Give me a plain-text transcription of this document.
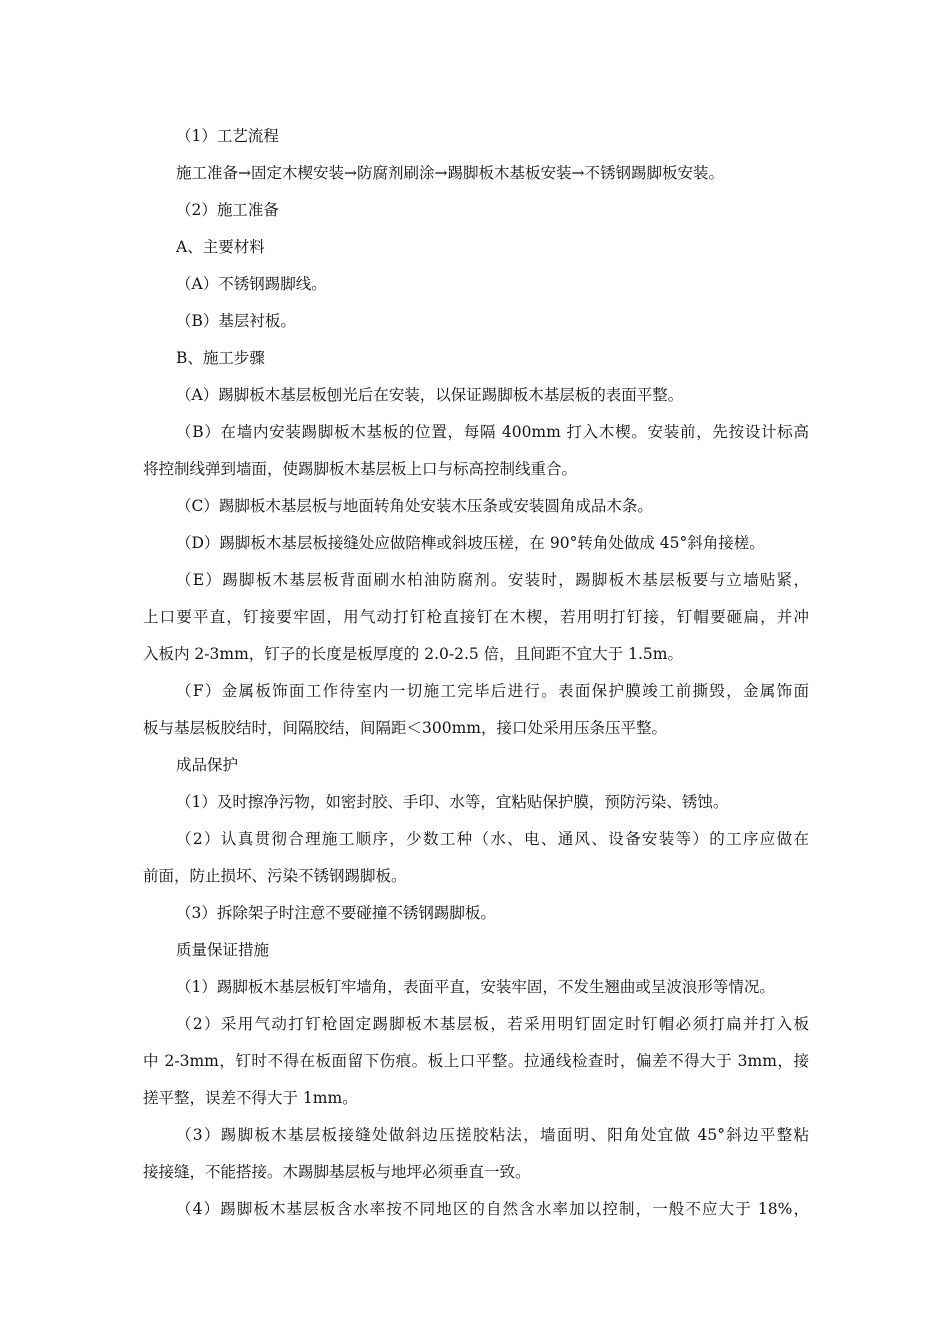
（1）工艺流程
施工准备→固定木楔安装→防腐剂刷涂→踢脚板木基板安装→不锈钢踢脚板安装。
（2）施工准备
A、主要材料
（A）不锈钢踢脚线。
（B）基层衬板。
B、施工步骤
（A）踢脚板木基层板刨光后在安装，以保证踢脚板木基层板的表面平整。
（B）在墙内安装踢脚板木基板的位置，每隔 400mm 打入木楔。安装前，先按设计标高
将控制线弹到墙面，使踢脚板木基层板上口与标高控制线重合。
（C）踢脚板木基层板与地面转角处安装木压条或安装圆角成品木条。
（D）踢脚板木基层板接缝处应做陪榫或斜坡压槎，在 90°转角处做成 45°斜角接槎。
（E）踢脚板木基层板背面刷水柏油防腐剂。安装时，踢脚板木基层板要与立墙贴紧，
上口要平直，钉接要牢固，用气动打钉枪直接钉在木楔，若用明打钉接，钉帽要砸扁，并冲
入板内 2-3mm，钉子的长度是板厚度的 2.0-2.5 倍，且间距不宜大于 1.5m。
（F）金属板饰面工作待室内一切施工完毕后进行。表面保护膜竣工前撕毁，金属饰面
板与基层板胶结时，间隔胶结，间隔距＜300mm，接口处采用压条压平整。
成品保护
（1）及时擦净污物，如密封胶、手印、水等，宜粘贴保护膜，预防污染、锈蚀。
（2）认真贯彻合理施工顺序，少数工种（水、电、通风、设备安装等）的工序应做在
前面，防止损坏、污染不锈钢踢脚板。
（3）拆除架子时注意不要碰撞不锈钢踢脚板。
质量保证措施
（1）踢脚板木基层板钉牢墙角，表面平直，安装牢固，不发生翘曲或呈波浪形等情况。
（2）采用气动打钉枪固定踢脚板木基层板，若采用明钉固定时钉帽必须打扁并打入板
中 2-3mm，钉时不得在板面留下伤痕。板上口平整。拉通线检查时，偏差不得大于 3mm，接
搓平整，误差不得大于 1mm。
（3）踢脚板木基层板接缝处做斜边压搓胶粘法，墙面明、阳角处宜做 45°斜边平整粘
接接缝，不能搭接。木踢脚基层板与地坪必须垂直一致。
（4）踢脚板木基层板含水率按不同地区的自然含水率加以控制，一般不应大于 18%，
